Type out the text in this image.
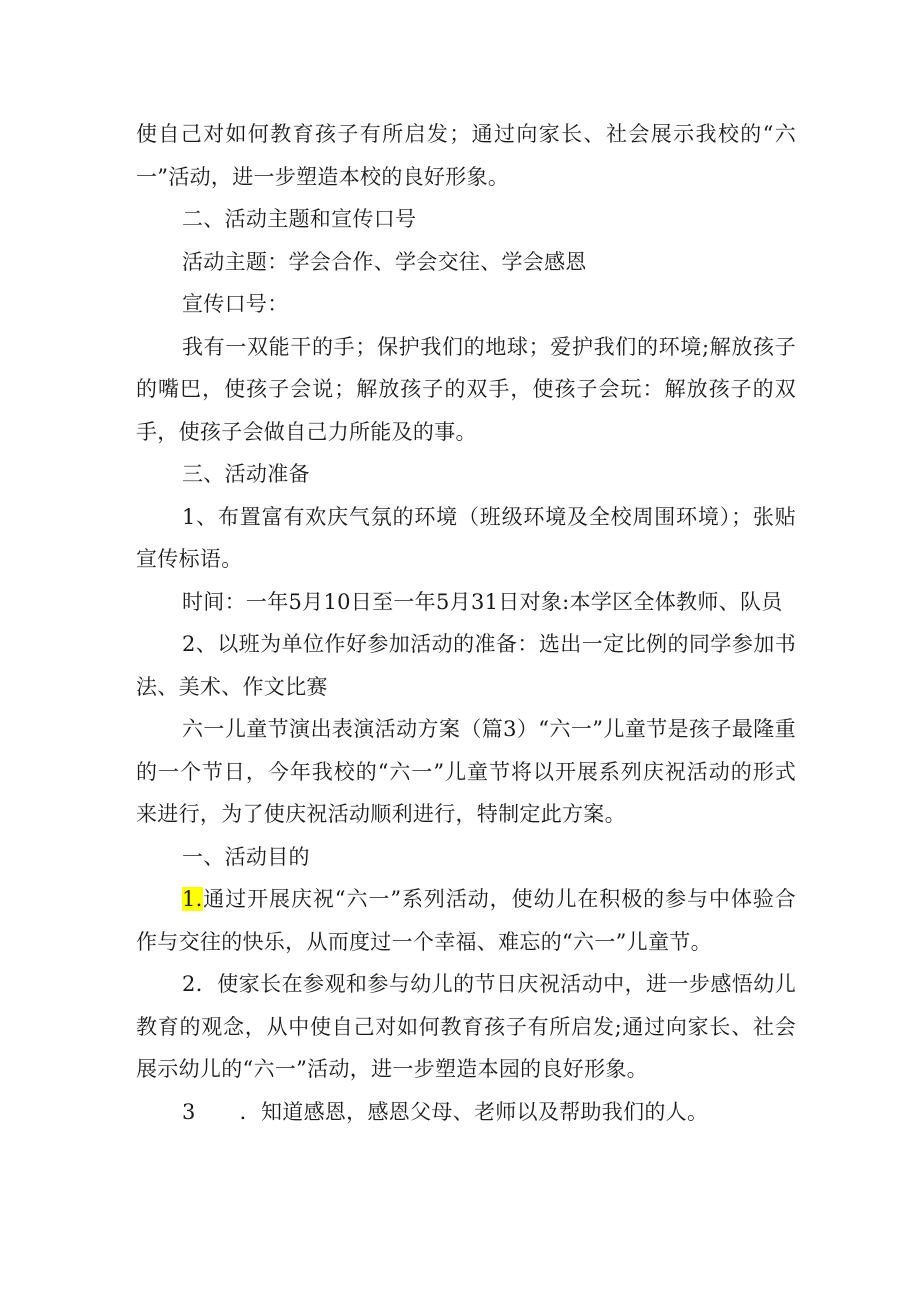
使自己对如何教育孩子有所启发；通过向家长、社会展示我校的“六一”活动，进一步塑造本校的良好形象。

二、活动主题和宣传口号

活动主题：学会合作、学会交往、学会感恩

宣传口号：

我有一双能干的手；保护我们的地球；爱护我们的环境;解放孩子的嘴巴，使孩子会说；解放孩子的双手，使孩子会玩：解放孩子的双手，使孩子会做自己力所能及的事。

三、活动准备

1、布置富有欢庆气氛的环境（班级环境及全校周围环境）；张贴宣传标语。

时间：一年5月10日至一年5月31日对象:本学区全体教师、队员

2、以班为单位作好参加活动的准备：选出一定比例的同学参加书法、美术、作文比赛

六一儿童节演出表演活动方案（篇3）“六一”儿童节是孩子最隆重的一个节日，今年我校的“六一”儿童节将以开展系列庆祝活动的形式来进行，为了使庆祝活动顺利进行，特制定此方案。

一、活动目的

1.通过开展庆祝“六一”系列活动，使幼儿在积极的参与中体验合作与交往的快乐，从而度过一个幸福、难忘的“六一”儿童节。

2．使家长在参观和参与幼儿的节日庆祝活动中，进一步感悟幼儿教育的观念，从中使自己对如何教育孩子有所启发;通过向家长、社会展示幼儿的“六一”活动，进一步塑造本园的良好形象。

3 ．知道感恩，感恩父母、老师以及帮助我们的人。
